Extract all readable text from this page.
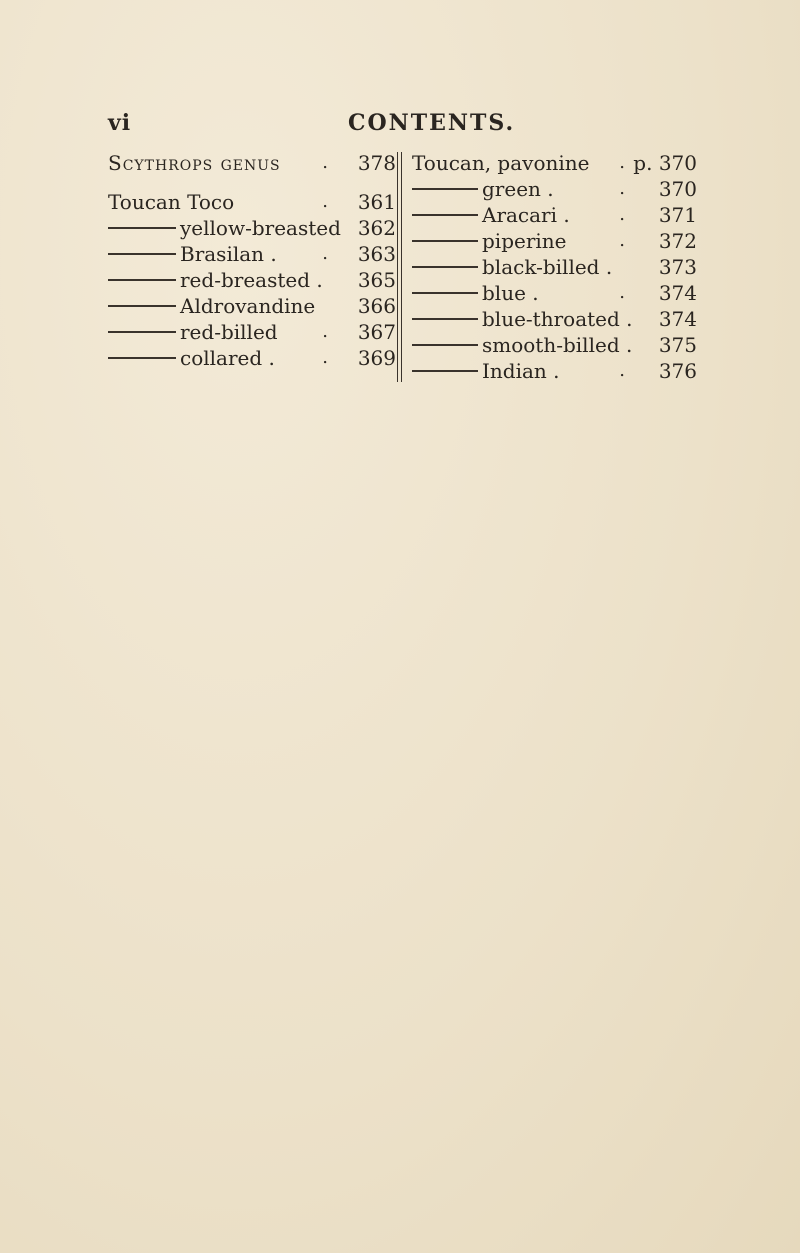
vi	CONTENTS.
Scythrops genus . 378
Toucan Toco	. 361
yellow-breasted 362
Brasilan .	. 363
red-breasted . 365
Aldrovandine 366
red-billed . 367
collared .	. 369
Toucan, pavonine . p. 370
green .	. 370
Aracari .	. 371
piperine	. 372
black-billed . 373
blue .	. 374
blue-throated . 374
smooth-billed . 375
Indian .	. 376
